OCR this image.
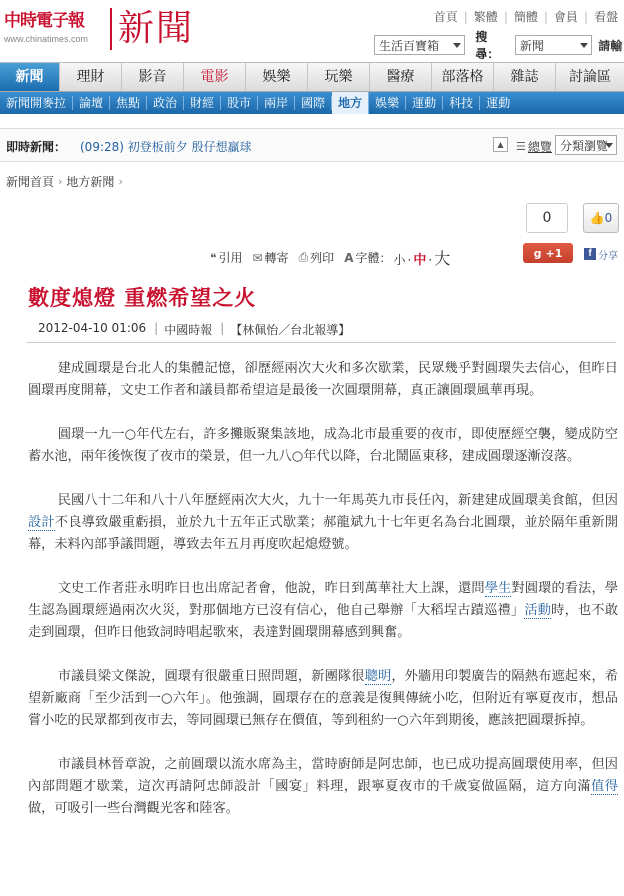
中時電子報
www.chinatimes.com 新聞	首頁 | 繁體 | 簡體 | 會員 | 看盤
生活百寶箱
搜尋：
新聞	請輸
新聞	理財	影音	電影	娛樂	玩樂	醫療	部落格	雜誌	討論區
新聞開麥拉	論壇	焦點	政治	財經	股市	兩岸	國際	地方	娛樂	運動	科技	運動
即時新聞： (09:28) 初登板前夕 殷仔想贏球	▲	☰ 總覽 分類瀏覽
新聞首頁 › 地方新聞 ›
0	👍 0
❝ 引用 ✉ 轉寄 ⎙ 列印 A 字體： 小 · 中 · 大	g +1	f 分享
數度熄燈 重燃希望之火
2012-04-10 01:06 | 中國時報 | 【林佩怡／台北報導】

建成圓環是台北人的集體記憶，卻歷經兩次大火和多次歇業，民眾幾乎對圓環失去信心，但昨日圓環再度開幕，文史工作者和議員都希望這是最後一次圓環開幕，真正讓圓環風華再現。

圓環一九一○年代左右，許多攤販聚集該地，成為北市最重要的夜市，即使歷經空襲，變成防空蓄水池，兩年後恢復了夜市的榮景，但一九八○年代以降，台北鬧區東移，建成圓環逐漸沒落。

民國八十二年和八十八年歷經兩次大火，九十一年馬英九市長任內，新建建成圓環美食館，但因設計不良導致嚴重虧損，並於九十五年正式歇業；郝龍斌九十七年更名為台北圓環，並於隔年重新開幕，未料內部爭議問題，導致去年五月再度吹起熄燈號。

文史工作者莊永明昨日也出席記者會，他說，昨日到萬華社大上課，還問學生對圓環的看法，學生認為圓環經過兩次火災，對那個地方已沒有信心，他自己舉辦「大稻埕古蹟巡禮」活動時，也不敢走到圓環，但昨日他致詞時唱起歌來，表達對圓環開幕感到興奮。

市議員梁文傑說，圓環有很嚴重日照問題，新團隊很聰明，外牆用印製廣告的隔熱布遮起來，希望新廠商「至少活到一○六年」。他強調，圓環存在的意義是復興傳統小吃，但附近有寧夏夜市，想品嘗小吃的民眾都到夜市去，等同圓環已無存在價值，等到租約一○六年到期後，應該把圓環拆掉。

市議員林晉章說，之前圓環以流水席為主，當時廚師是阿忠師，也已成功提高圓環使用率，但因內部問題才歇業，這次再請阿忠師設計「國宴」料理，跟寧夏夜市的千歲宴做區隔，這方向滿值得做，可吸引一些台灣觀光客和陸客。
